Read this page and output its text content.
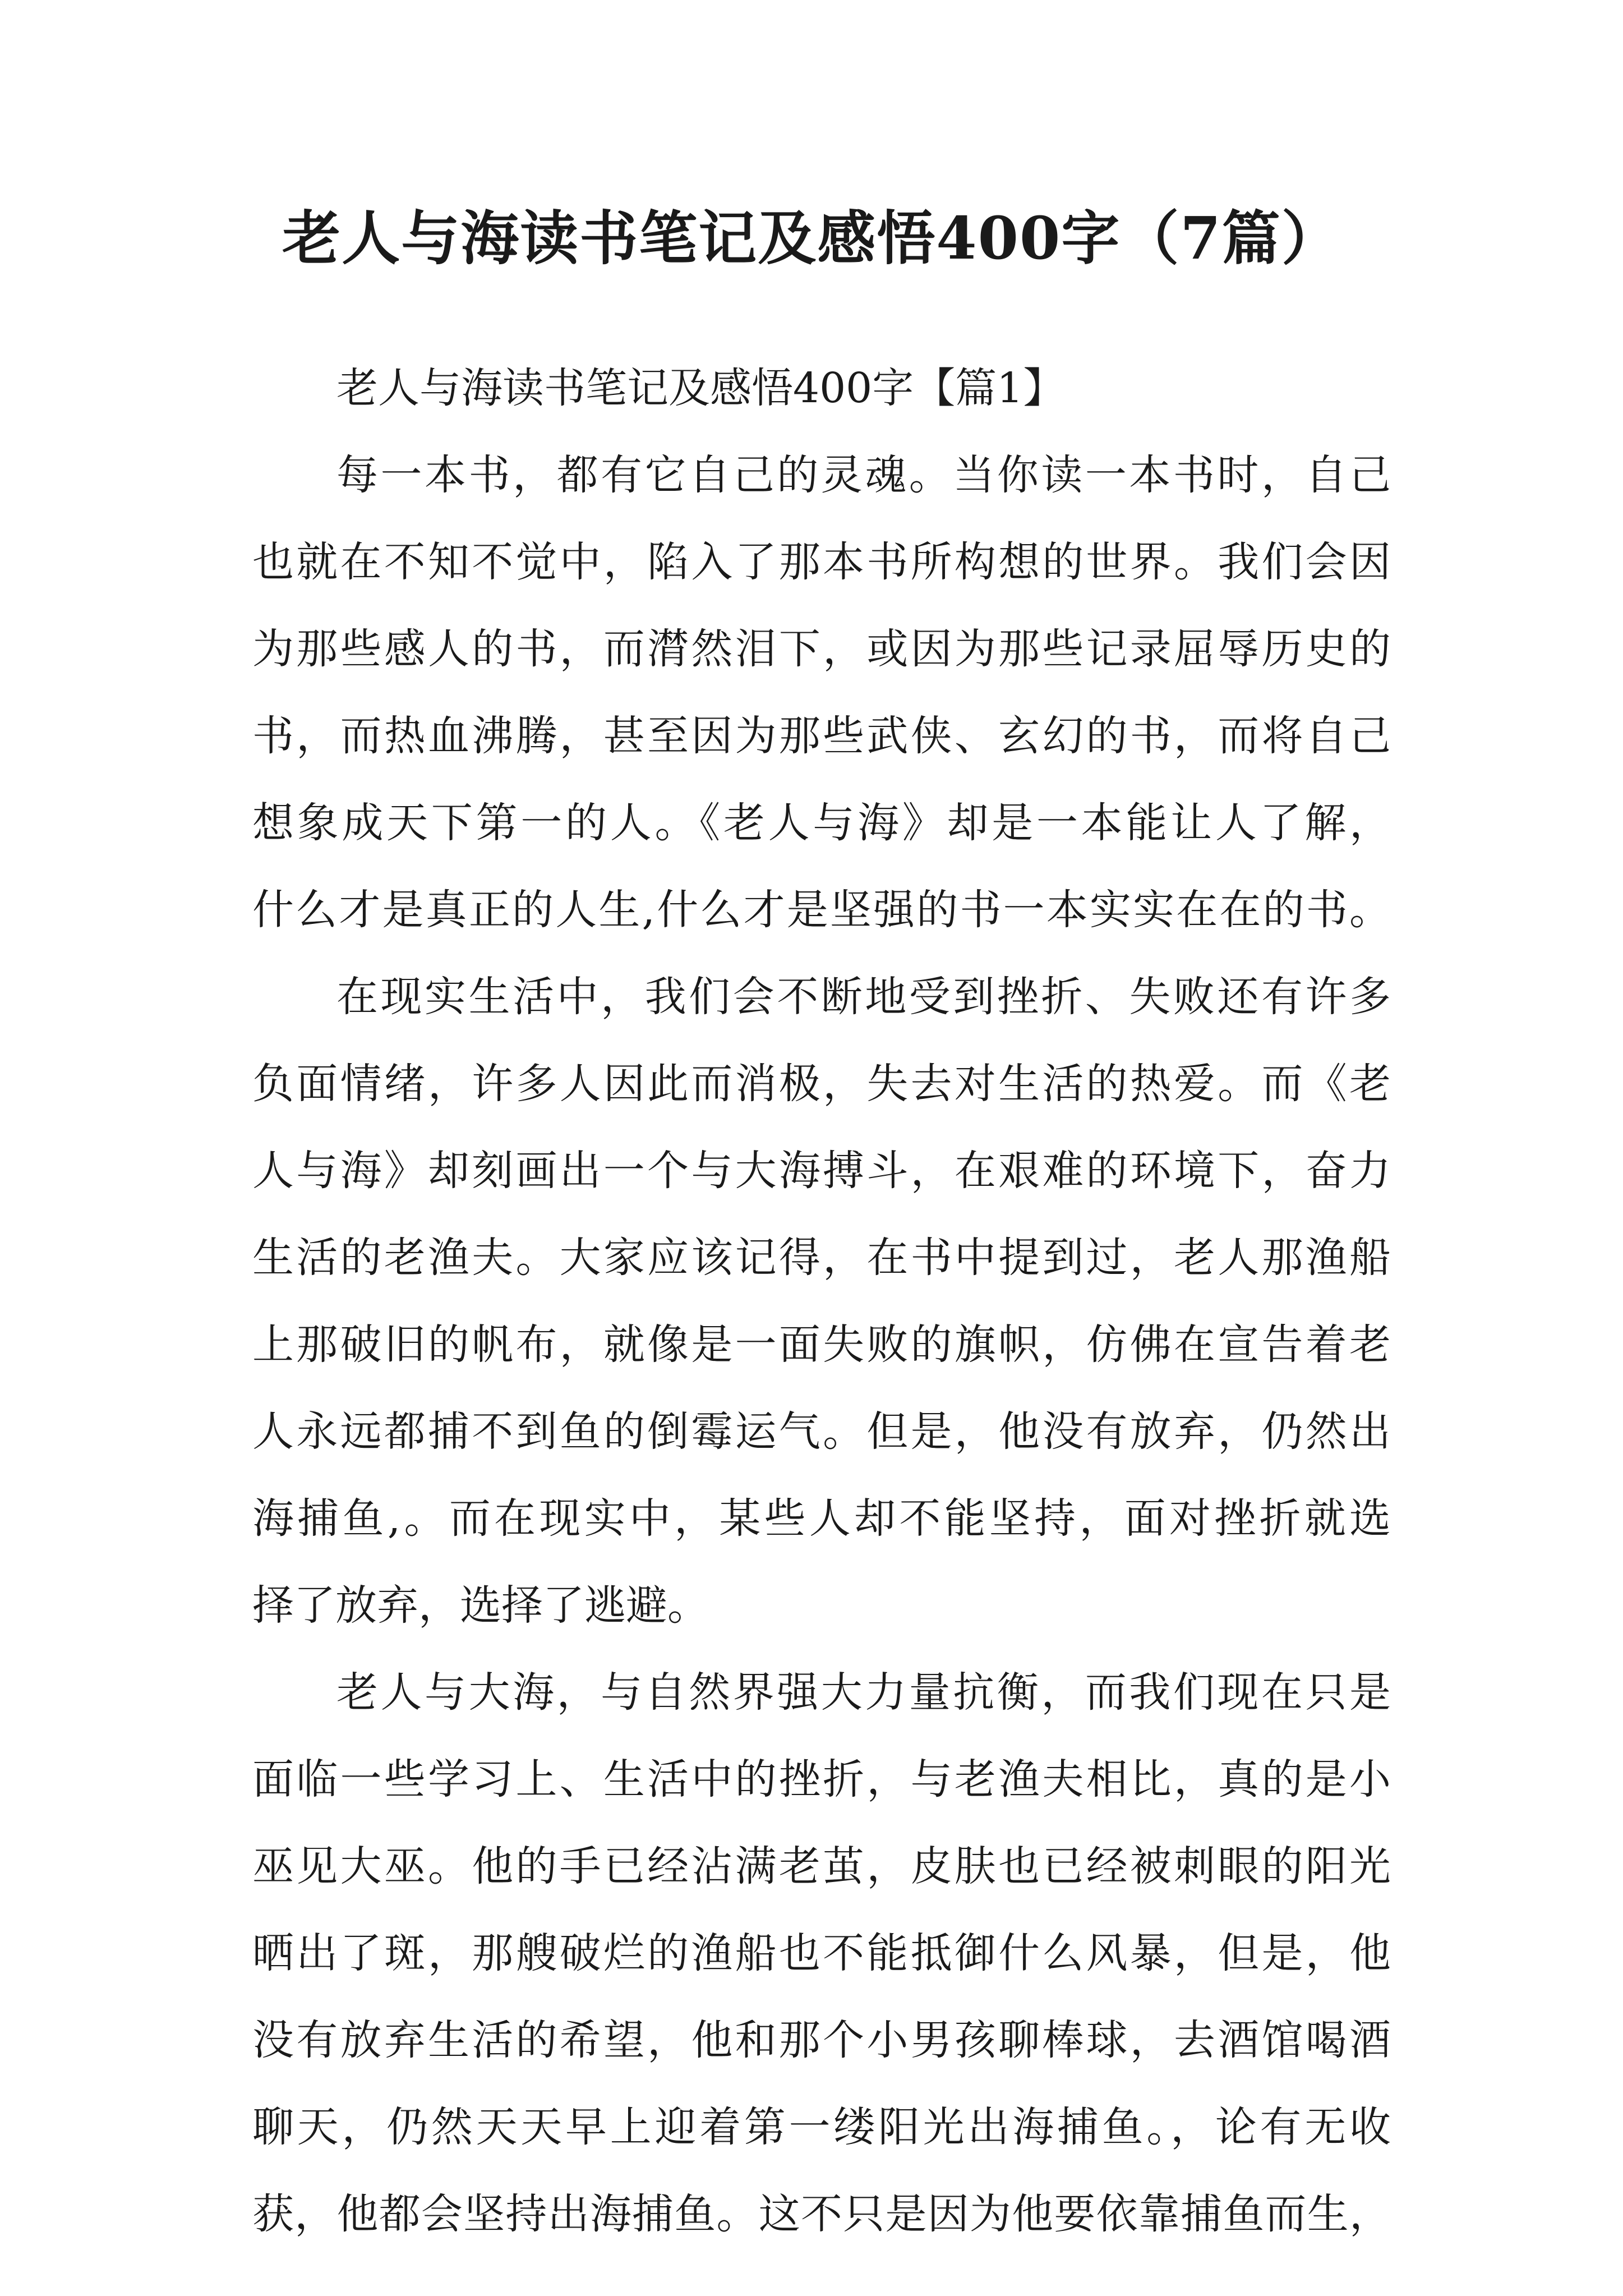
老人与海读书笔记及感悟400字（7篇）
老人与海读书笔记及感悟400字【篇1】
每一本书，都有它自己的灵魂。当你读一本书时，自己
也就在不知不觉中，陷入了那本书所构想的世界。我们会因
为那些感人的书，而潸然泪下，或因为那些记录屈辱历史的
书，而热血沸腾，甚至因为那些武侠、玄幻的书，而将自己
想象成天下第一的人。《老人与海》却是一本能让人了解，
什么才是真正的人生,什么才是坚强的书一本实实在在的书。
在现实生活中，我们会不断地受到挫折、失败还有许多
负面情绪，许多人因此而消极，失去对生活的热爱。而《老
人与海》却刻画出一个与大海搏斗，在艰难的环境下，奋力
生活的老渔夫。大家应该记得，在书中提到过，老人那渔船
上那破旧的帆布，就像是一面失败的旗帜，仿佛在宣告着老
人永远都捕不到鱼的倒霉运气。但是，他没有放弃，仍然出
海捕鱼,。而在现实中，某些人却不能坚持，面对挫折就选
择了放弃，选择了逃避。
老人与大海，与自然界强大力量抗衡，而我们现在只是
面临一些学习上、生活中的挫折，与老渔夫相比，真的是小
巫见大巫。他的手已经沾满老茧，皮肤也已经被刺眼的阳光
晒出了斑，那艘破烂的渔船也不能抵御什么风暴，但是，他
没有放弃生活的希望，他和那个小男孩聊棒球，去酒馆喝酒
聊天，仍然天天早上迎着第一缕阳光出海捕鱼。，论有无收
获，他都会坚持出海捕鱼。这不只是因为他要依靠捕鱼而生，
